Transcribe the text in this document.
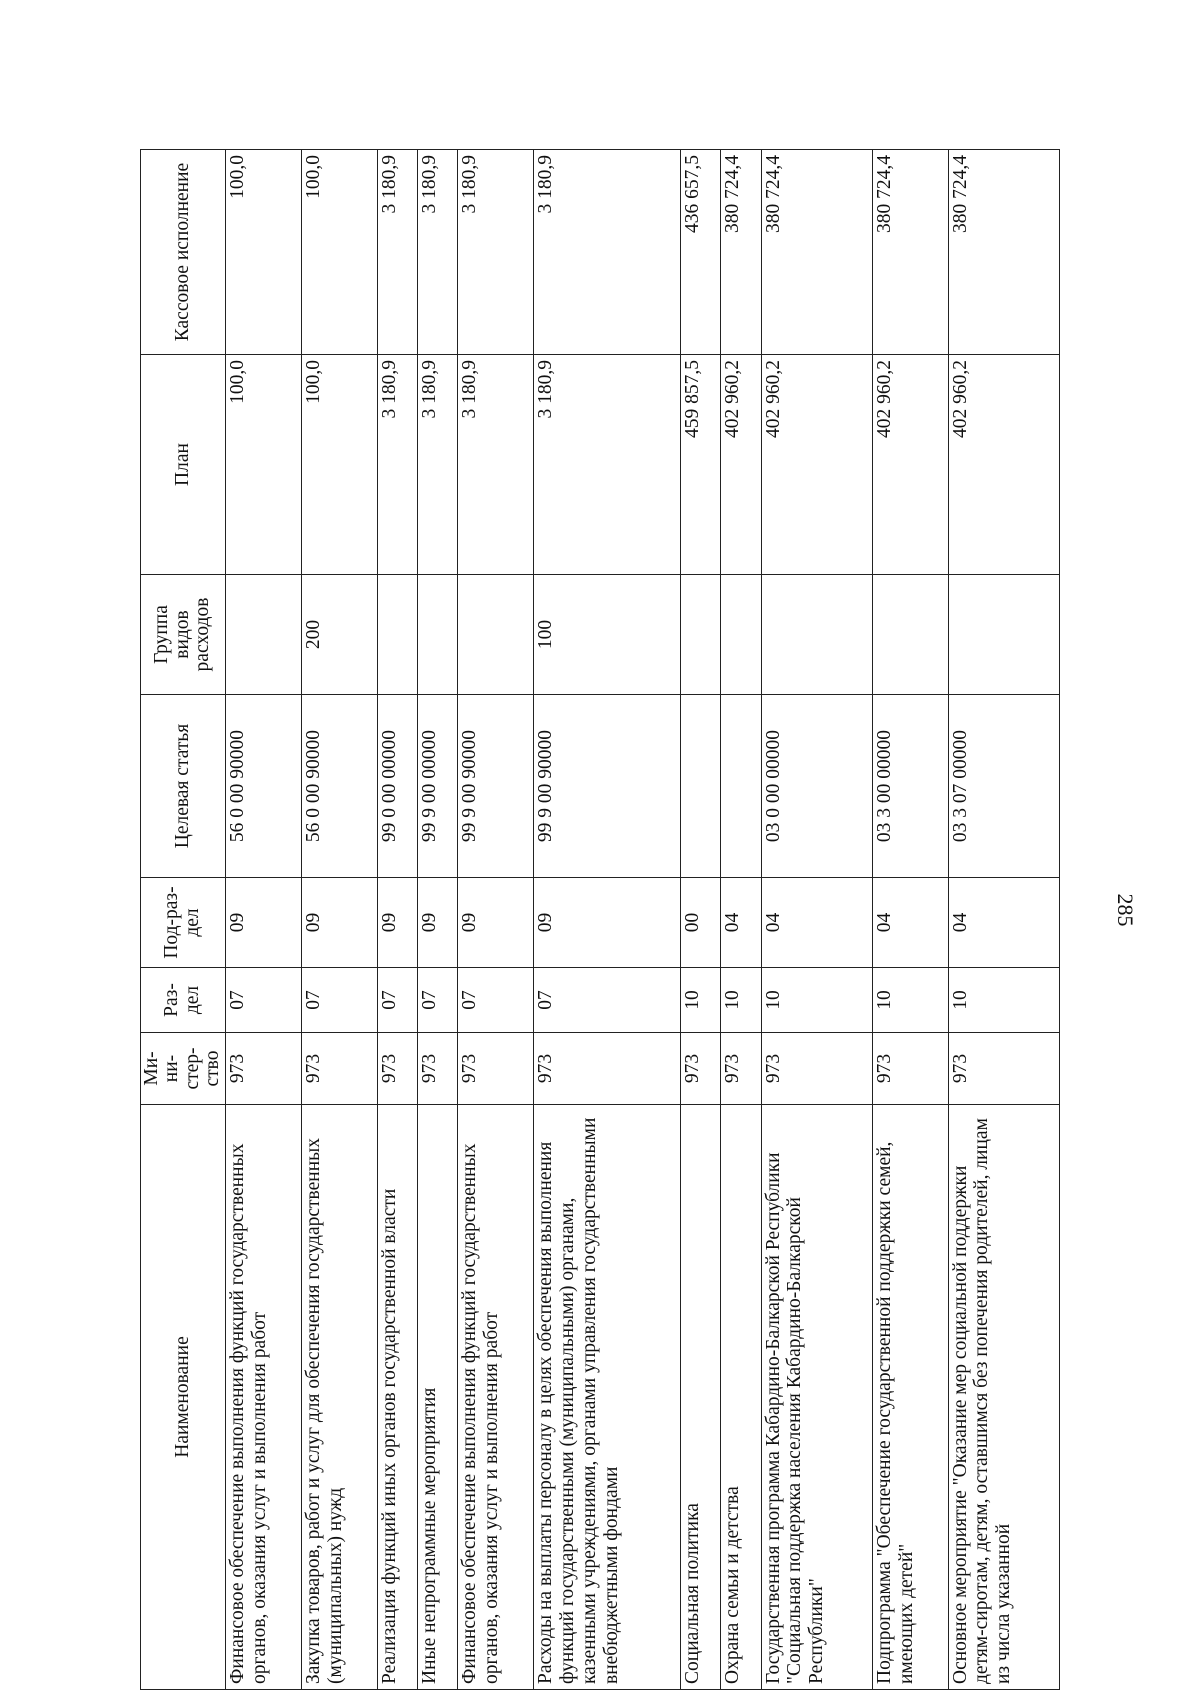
285
Наименование	Ми-ни-стер-ство	Раз-дел	Под-раз-дел	Целевая статья	Группа видов расходов	План	Кассовое исполнение
Финансовое обеспечение выполнения функций государственных органов, оказания услуг и выполнения работ	973	07	09	56 0 00 90000		100,0	100,0
Закупка товаров, работ и услуг для обеспечения государственных (муниципальных) нужд	973	07	09	56 0 00 90000	200	100,0	100,0
Реализация функций иных органов государственной власти	973	07	09	99 0 00 00000		3 180,9	3 180,9
Иные непрограммные мероприятия	973	07	09	99 9 00 00000		3 180,9	3 180,9
Финансовое обеспечение выполнения функций государственных органов, оказания услуг и выполнения работ	973	07	09	99 9 00 90000		3 180,9	3 180,9
Расходы на выплаты персоналу в целях обеспечения выполнения функций государственными (муниципальными) органами, казенными учреждениями, органами управления государственными внебюджетными фондами	973	07	09	99 9 00 90000	100	3 180,9	3 180,9
Социальная политика	973	10	00			459 857,5	436 657,5
Охрана семьи и детства	973	10	04			402 960,2	380 724,4
Государственная программа Кабардино-Балкарской Республики "Социальная поддержка населения Кабардино-Балкарской Республики"	973	10	04	03 0 00 00000		402 960,2	380 724,4
Подпрограмма "Обеспечение государственной поддержки семей, имеющих детей"	973	10	04	03 3 00 00000		402 960,2	380 724,4
Основное мероприятие "Оказание мер социальной поддержки детям-сиротам, детям, оставшимся без попечения родителей, лицам из числа указанной	973	10	04	03 3 07 00000		402 960,2	380 724,4
